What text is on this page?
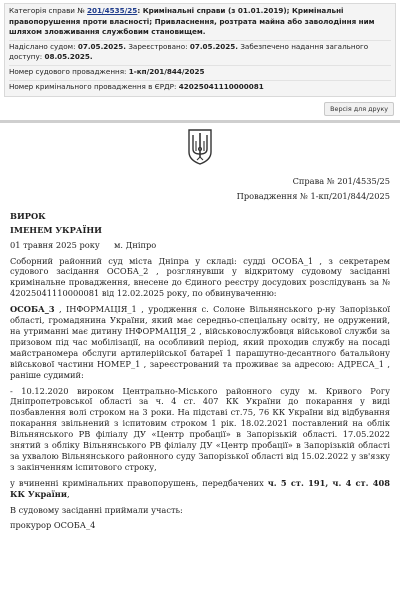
Категорія справи № 201/4535/25: Кримінальні справи (з 01.01.2019); Кримінальні правопорушення проти власності; Привласнення, розтрата майна або заволодіння ним шляхом зловживання службовим становищем.
Надіслано судом: 07.05.2025. Зареєстровано: 07.05.2025. Забезпечено надання загального доступу: 08.05.2025.
Номер судового провадження: 1-кп/201/844/2025
Номер кримінального провадження в ЄРДР: 42025041110000081
Версія для друку

Справа № 201/4535/25

Провадження № 1-кп/201/844/2025

ВИРОК

ІМЕНЕМ УКРАЇНИ

01 травня 2025 року м. Дніпро

Соборний районний суд міста Дніпра у складі: судді ОСОБА_1 , з секретарем судового засідання ОСОБА_2 , розглянувши у відкритому судовому засіданні кримінальне провадження, внесене до Єдиного реєстру досудових розслідувань за № 42025041110000081 від 12.02.2025 року, по обвинуваченню:

ОСОБА_3 , ІНФОРМАЦІЯ_1 , уродження с. Солоне Вільнянського р-ну Запорізької області, громадянина України, який має середньо-спеціальну освіту, не одружений, на утриманні має дитину ІНФОРМАЦІЯ_2 , військовослужбовця військової служби за призовом під час мобілізації, на особливий період, який проходив службу на посаді майстраномера обслуги артилерійської батареї 1 парашутно-десантного батальйону військової частини НОМЕР_1 , зареєстрований та проживає за адресою: АДРЕСА_1 , раніше судимий:

- 10.12.2020 вироком Центрально-Міського районного суду м. Кривого Рогу Дніпропетровської області за ч. 4 ст. 407 КК України до покарання у виді позбавлення волі строком на 3 роки. На підставі ст.75, 76 КК України від відбування покарання звільнений з іспитовим строком 1 рік. 18.02.2021 поставлений на облік Вільнянського РВ філіалу ДУ «Центр пробації» в Запорізькій області. 17.05.2022 знятий з обліку Вільнянського РВ філіалу ДУ «Центр пробації» в Запорізькій області за ухвалою Вільнянського районного суду Запорізької області від 15.02.2022 у зв'язку з закінченням іспитового строку,

у вчиненні кримінальних правопорушень, передбачених ч. 5 ст. 191, ч. 4 ст. 408 КК України,

В судовому засіданні приймали участь:

прокурор ОСОБА_4
